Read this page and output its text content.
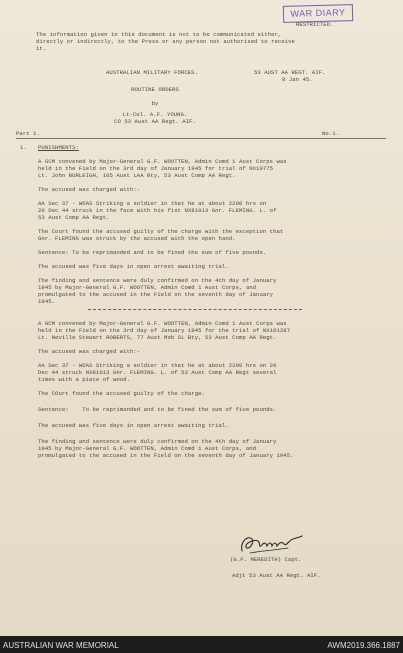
WAR DIARY
RESTRICTED.
The information given in this document is not to be communicated either,
directly or indirectly, to the Press or any person not authorised to receive
it.
AUSTRALIAN MILITARY FORCES.	53 AUST AA REGT. AIF.
8 Jan 45.
ROUTINE ORDERS
by
Lt-Col. A.F. YOUNG.
CO 53 Aust AA Regt. AIF.
Part 1.	No.1.
1. PUNISHMENTS:
A GCM convened by Major-General G.F. WOOTTEN, Admin Comd 1 Aust Corps was
held in the Field on the 3rd day of January 1945 for trial of NX10775
Lt. John BURLEIGH, 105 Aust LAA Bty, 53 Aust Comp AA Regt.
The accused was charged with:-
AA Sec 37 - WOAS Striking a soldier in that he at about 2200 hrs on
20 Dec 44 struck in the face with his fist NX81013 Gnr. FLEMING. L. of
53 Aust Comp AA Regt.
The Court found the accused guilty of the charge with the exception that
Gnr. FLEMING was struck by the accused with the open hand.
Sentence: To be reprimanded and to be fined the sum of five pounds.
The accused was five days in open arrest awaiting trial.
The finding and sentence were duly confirmed on the 4th day of January
1945 by Major-General G.F. WOOTTEN, Admin Comd 1 Aust Corps, and
promulgated to the accused in the Field on the seventh day of January
1945.
A GCM convened by Major-General G.F. WOOTTEN, Admin Comd 1 Aust Corps was
held in the Field on the 3rd day of January 1945 for the trial of NX101287
Lt. Neville Stewart ROBERTS, 77 Aust Mob SL Bty, 53 Aust Comp AA Regt.
The accused was charged with:-
AA Sec 37 - WOAS Striking a soldier in that he at about 2200 hrs on 20
Dec 44 struck NX81013 Gnr. FLEMING. L. of 53 Aust Comp AA Regt several
times with a piece of wood.
The COurt found the accused guilty of the charge.
Sentence:    To be reprimanded and to be fined the sum of five pounds.
The accused was five days in open arrest awaiting trial.
The finding and sentence were duly confirmed on the 4th day of January
1945 by Major-General G.F. WOOTTEN, Admin Comd 1 Aust Corps, and
promulgated to the accused in the Field on the seventh day of January 1945.
(G.F. MEREDITH) Capt.
Adjt 53 Aust AA Regt. AIF.
AUSTRALIAN WAR MEMORIAL	AWM2019.366.1887
